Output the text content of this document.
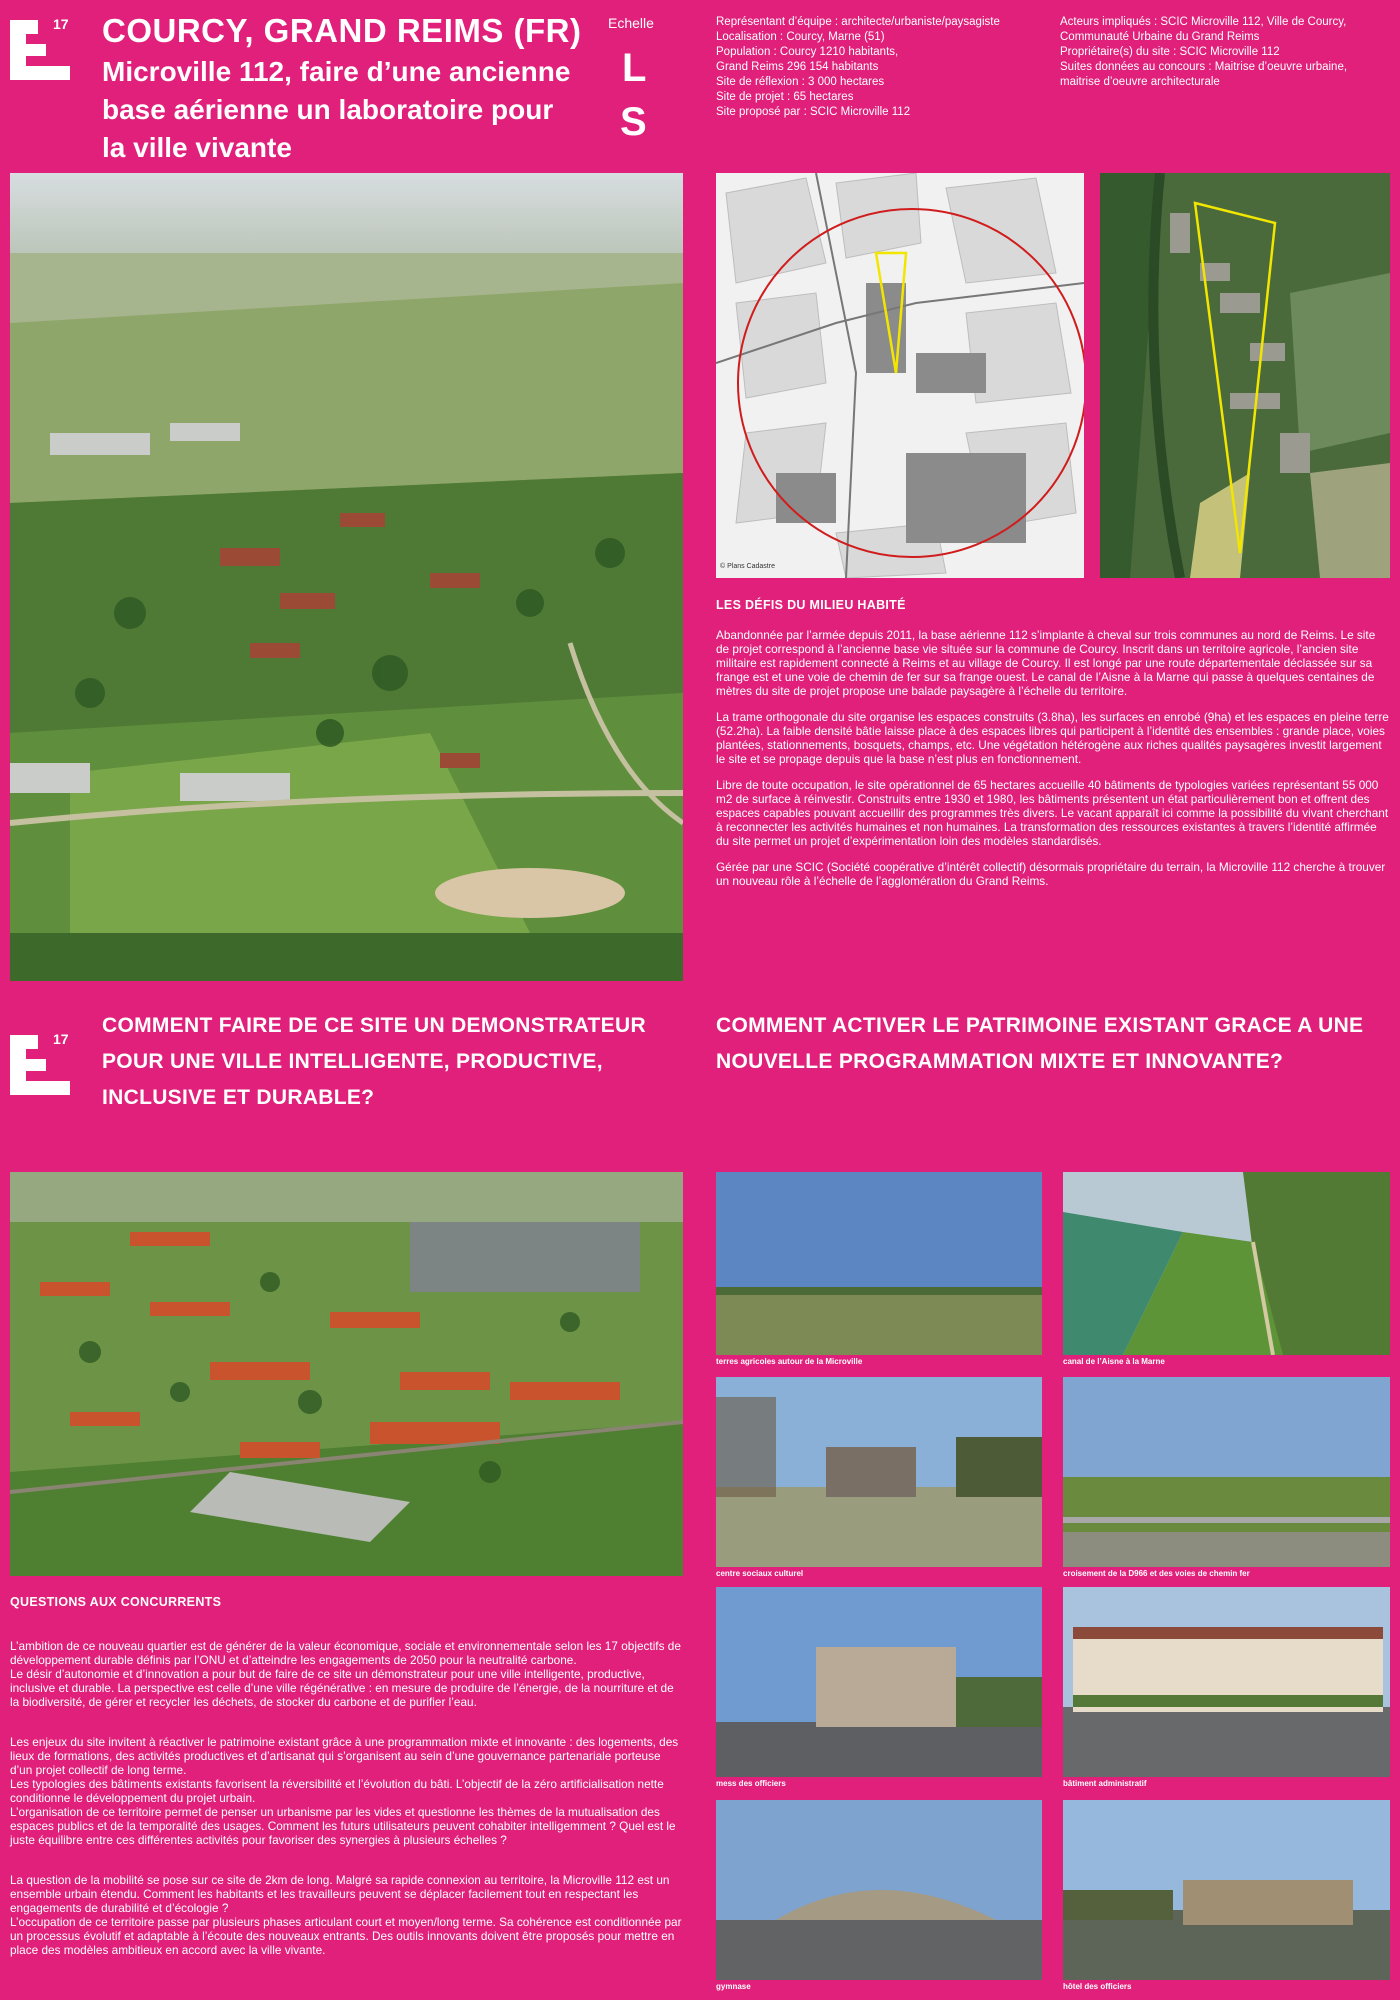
17 COURCY, GRAND REIMS (FR)
Microville 112, faire d’une ancienne base aérienne un laboratoire pour la ville vivante
Echelle
L
S
Représentant d’équipe : architecte/urbaniste/paysagiste
Localisation : Courcy, Marne (51)
Population : Courcy 1210 habitants,
Grand Reims 296 154 habitants
Site de réflexion : 3 000 hectares
Site de projet : 65 hectares
Site proposé par : SCIC Microville 112
Acteurs impliqués : SCIC Microville 112, Ville de Courcy,
Communauté Urbaine du Grand Reims
Propriétaire(s) du site : SCIC Microville 112
Suites données au concours : Maitrise d’oeuvre urbaine,
maitrise d’oeuvre architecturale
© Plans Cadastre
LES DÉFIS DU MILIEU HABITÉ

Abandonnée par l’armée depuis 2011, la base aérienne 112 s’implante à cheval sur trois communes au nord de Reims. Le site de projet correspond à l’ancienne base vie située sur la commune de Courcy. Inscrit dans un territoire agricole, l’ancien site militaire est rapidement connecté à Reims et au village de Courcy. Il est longé par une route départementale déclassée sur sa frange est et une voie de chemin de fer sur sa frange ouest. Le canal de l’Aisne à la Marne qui passe à quelques centaines de mètres du site de projet propose une balade paysagère à l’échelle du territoire.

La trame orthogonale du site organise les espaces construits (3.8ha), les surfaces en enrobé (9ha) et les espaces en pleine terre (52.2ha). La faible densité bâtie laisse place à des espaces libres qui participent à l’identité des ensembles : grande place, voies plantées, stationnements, bosquets, champs, etc. Une végétation hétérogène aux riches qualités paysagères investit largement le site et se propage depuis que la base n’est plus en fonctionnement.

Libre de toute occupation, le site opérationnel de 65 hectares accueille 40 bâtiments de typologies variées représentant 55 000 m2 de surface à réinvestir. Construits entre 1930 et 1980, les bâtiments présentent un état particulièrement bon et offrent des espaces capables pouvant accueillir des programmes très divers. Le vacant apparaît ici comme la possibilité du vivant cherchant à reconnecter les activités humaines et non humaines. La transformation des ressources existantes à travers l’identité affirmée du site permet un projet d’expérimentation loin des modèles standardisés.

Gérée par une SCIC (Société coopérative d’intérêt collectif) désormais propriétaire du terrain, la Microville 112 cherche à trouver un nouveau rôle à l’échelle de l’agglomération du Grand Reims.

17
COMMENT FAIRE DE CE SITE UN DEMONSTRATEUR POUR UNE VILLE INTELLIGENTE, PRODUCTIVE, INCLUSIVE ET DURABLE?
COMMENT ACTIVER LE PATRIMOINE EXISTANT GRACE A UNE NOUVELLE PROGRAMMATION MIXTE ET INNOVANTE?
QUESTIONS AUX CONCURRENTS

L’ambition de ce nouveau quartier est de générer de la valeur économique, sociale et environnementale selon les 17 objectifs de développement durable définis par l’ONU et d’atteindre les engagements de 2050 pour la neutralité carbone.
Le désir d’autonomie et d’innovation a pour but de faire de ce site un démonstrateur pour une ville intelligente, productive, inclusive et durable. La perspective est celle d’une ville régénérative : en mesure de produire de l’énergie, de la nourriture et de la biodiversité, de gérer et recycler les déchets, de stocker du carbone et de purifier l’eau.

Les enjeux du site invitent à réactiver le patrimoine existant grâce à une programmation mixte et innovante : des logements, des lieux de formations, des activités productives et d’artisanat qui s’organisent au sein d’une gouvernance partenariale porteuse d’un projet collectif de long terme.
Les typologies des bâtiments existants favorisent la réversibilité et l’évolution du bâti. L’objectif de la zéro artificialisation nette conditionne le développement du projet urbain.
L’organisation de ce territoire permet de penser un urbanisme par les vides et questionne les thèmes de la mutualisation des espaces publics et de la temporalité des usages. Comment les futurs utilisateurs peuvent cohabiter intelligemment ? Quel est le juste équilibre entre ces différentes activités pour favoriser des synergies à plusieurs échelles ?

La question de la mobilité se pose sur ce site de 2km de long. Malgré sa rapide connexion au territoire, la Microville 112 est un ensemble urbain étendu. Comment les habitants et les travailleurs peuvent se déplacer facilement tout en respectant les engagements de durabilité et d’écologie ?
L’occupation de ce territoire passe par plusieurs phases articulant court et moyen/long terme. Sa cohérence est conditionnée par un processus évolutif et adaptable à l’écoute des nouveaux entrants. Des outils innovants doivent être proposés pour mettre en place des modèles ambitieux en accord avec la ville vivante.

terres agricoles autour de la Microville	canal de l’Aisne à la Marne
centre sociaux culturel	croisement de la D966 et des voies de chemin fer
mess des officiers	bâtiment administratif
gymnase	hôtel des officiers
